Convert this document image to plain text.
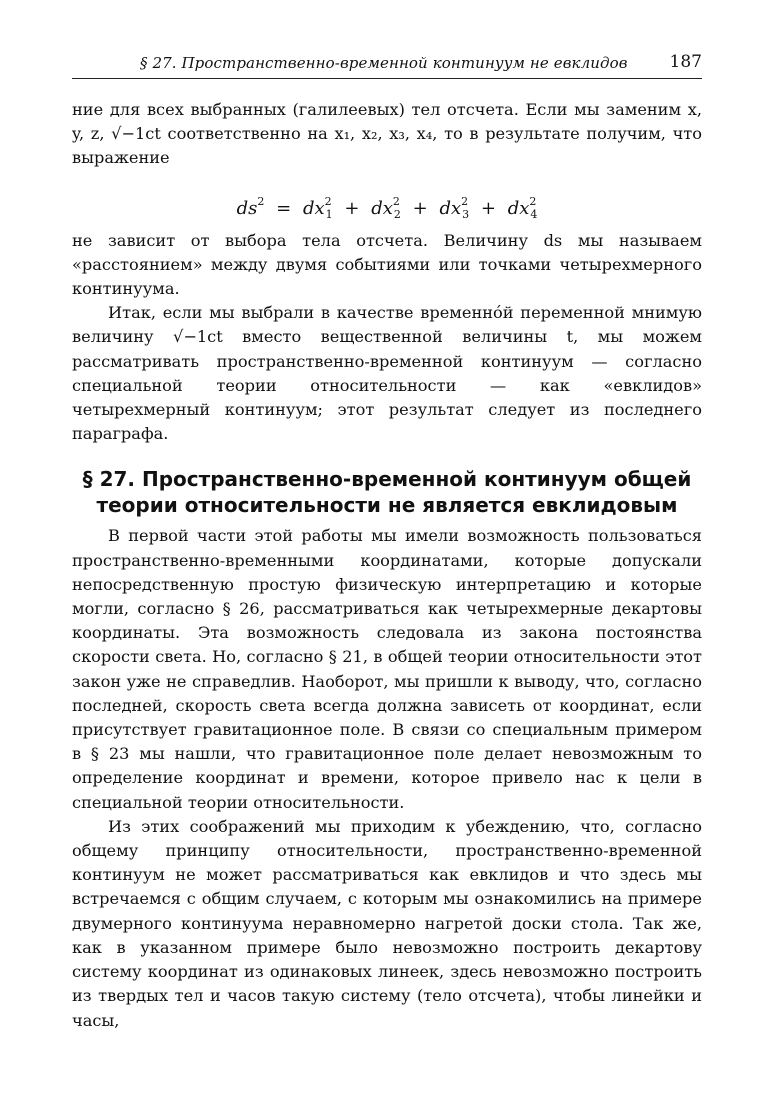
§ 27. Пространственно-временной континуум не евклидов 187

ние для всех выбранных (галилеевых) тел отсчета. Если мы заменим x, y, z, √−1ct соответственно на x₁, x₂, x₃, x₄, то в результате получим, что выражение

$ds^2 = dx^2_1 + dx^2_2 + dx^2_3 + dx^2_4$

не зависит от выбора тела отсчета. Величину ds мы называем «расстоянием» между двумя событиями или точками четырехмерного континуума.

Итак, если мы выбрали в качестве временно́й переменной мнимую величину √−1ct вместо вещественной величины t, мы можем рассматривать пространственно-временной континуум — согласно специальной теории относительности — как «евклидов» четырехмерный континуум; этот результат следует из последнего параграфа.

§ 27. Пространственно-временной континуум общей теории относительности не является евклидовым

В первой части этой работы мы имели возможность пользоваться пространственно-временными координатами, которые допускали непосредственную простую физическую интерпретацию и которые могли, согласно § 26, рассматриваться как четырехмерные декартовы координаты. Эта возможность следовала из закона постоянства скорости света. Но, согласно § 21, в общей теории относительности этот закон уже не справедлив. Наоборот, мы пришли к выводу, что, согласно последней, скорость света всегда должна зависеть от координат, если присутствует гравитационное поле. В связи со специальным примером в § 23 мы нашли, что гравитационное поле делает невозможным то определение координат и времени, которое привело нас к цели в специальной теории относительности.

Из этих соображений мы приходим к убеждению, что, согласно общему принципу относительности, пространственно-временной континуум не может рассматриваться как евклидов и что здесь мы встречаемся с общим случаем, с которым мы ознакомились на примере двумерного континуума неравномерно нагретой доски стола. Так же, как в указанном примере было невозможно построить декартову систему координат из одинаковых линеек, здесь невозможно построить из твердых тел и часов такую систему (тело отсчета), чтобы линейки и часы,
